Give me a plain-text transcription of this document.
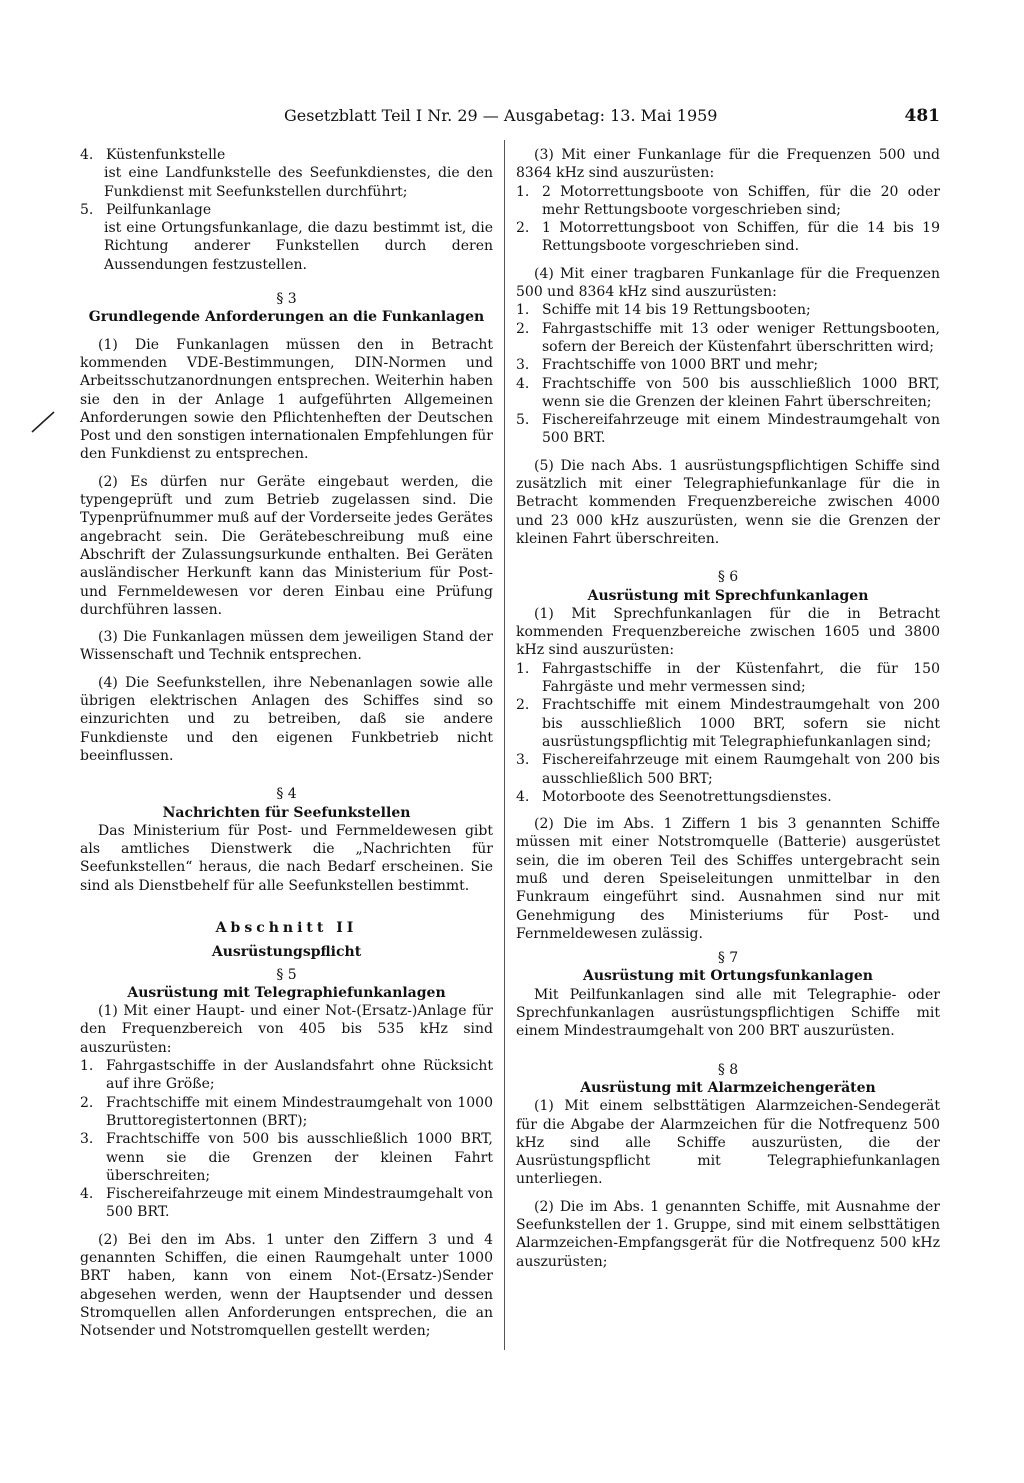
Gesetzblatt Teil I Nr. 29 — Ausgabetag: 13. Mai 1959	481
4. Küstenfunkstelle

ist eine Landfunkstelle des Seefunkdienstes, die den Funkdienst mit Seefunkstellen durchführt;

5. Peilfunkanlage

ist eine Ortungsfunkanlage, die dazu bestimmt ist, die Richtung anderer Funkstellen durch deren Aussendungen festzustellen.

§ 3

Grundlegende Anforderungen an die Funkanlagen

(1) Die Funkanlagen müssen den in Betracht kommenden VDE-Bestimmungen, DIN-Normen und Arbeitsschutzanordnungen entsprechen. Weiterhin haben sie den in der Anlage 1 aufgeführten Allgemeinen Anforderungen sowie den Pflichtenheften der Deutschen Post und den sonstigen internationalen Empfehlungen für den Funkdienst zu entsprechen.

(2) Es dürfen nur Geräte eingebaut werden, die typengeprüft und zum Betrieb zugelassen sind. Die Typenprüfnummer muß auf der Vorderseite jedes Gerätes angebracht sein. Die Gerätebeschreibung muß eine Abschrift der Zulassungsurkunde enthalten. Bei Geräten ausländischer Herkunft kann das Ministerium für Post- und Fernmeldewesen vor deren Einbau eine Prüfung durchführen lassen.

(3) Die Funkanlagen müssen dem jeweiligen Stand der Wissenschaft und Technik entsprechen.

(4) Die Seefunkstellen, ihre Nebenanlagen sowie alle übrigen elektrischen Anlagen des Schiffes sind so einzurichten und zu betreiben, daß sie andere Funkdienste und den eigenen Funkbetrieb nicht beeinflussen.

§ 4

Nachrichten für Seefunkstellen

Das Ministerium für Post- und Fernmeldewesen gibt als amtliches Dienstwerk die „Nachrichten für Seefunkstellen“ heraus, die nach Bedarf erscheinen. Sie sind als Dienstbehelf für alle Seefunkstellen bestimmt.

Abschnitt II

Ausrüstungspflicht

§ 5

Ausrüstung mit Telegraphiefunkanlagen

(1) Mit einer Haupt- und einer Not-(Ersatz-)Anlage für den Frequenzbereich von 405 bis 535 kHz sind auszurüsten:

1. Fahrgastschiffe in der Auslandsfahrt ohne Rücksicht auf ihre Größe;
2. Frachtschiffe mit einem Mindestraumgehalt von 1000 Bruttoregistertonnen (BRT);
3. Frachtschiffe von 500 bis ausschließlich 1000 BRT, wenn sie die Grenzen der kleinen Fahrt überschreiten;
4. Fischereifahrzeuge mit einem Mindestraumgehalt von 500 BRT.

(2) Bei den im Abs. 1 unter den Ziffern 3 und 4 genannten Schiffen, die einen Raumgehalt unter 1000 BRT haben, kann von einem Not-(Ersatz-)Sender abgesehen werden, wenn der Hauptsender und dessen Stromquellen allen Anforderungen entsprechen, die an Notsender und Notstromquellen gestellt werden;

(3) Mit einer Funkanlage für die Frequenzen 500 und 8364 kHz sind auszurüsten:

1. 2 Motorrettungsboote von Schiffen, für die 20 oder mehr Rettungsboote vorgeschrieben sind;
2. 1 Motorrettungsboot von Schiffen, für die 14 bis 19 Rettungsboote vorgeschrieben sind.

(4) Mit einer tragbaren Funkanlage für die Frequenzen 500 und 8364 kHz sind auszurüsten:

1. Schiffe mit 14 bis 19 Rettungsbooten;
2. Fahrgastschiffe mit 13 oder weniger Rettungsbooten, sofern der Bereich der Küstenfahrt überschritten wird;
3. Frachtschiffe von 1000 BRT und mehr;
4. Frachtschiffe von 500 bis ausschließlich 1000 BRT, wenn sie die Grenzen der kleinen Fahrt überschreiten;
5. Fischereifahrzeuge mit einem Mindestraumgehalt von 500 BRT.

(5) Die nach Abs. 1 ausrüstungspflichtigen Schiffe sind zusätzlich mit einer Telegraphiefunkanlage für die in Betracht kommenden Frequenzbereiche zwischen 4000 und 23 000 kHz auszurüsten, wenn sie die Grenzen der kleinen Fahrt überschreiten.

§ 6

Ausrüstung mit Sprechfunkanlagen

(1) Mit Sprechfunkanlagen für die in Betracht kommenden Frequenzbereiche zwischen 1605 und 3800 kHz sind auszurüsten:

1. Fahrgastschiffe in der Küstenfahrt, die für 150 Fahrgäste und mehr vermessen sind;
2. Frachtschiffe mit einem Mindestraumgehalt von 200 bis ausschließlich 1000 BRT, sofern sie nicht ausrüstungspflichtig mit Telegraphiefunkanlagen sind;
3. Fischereifahrzeuge mit einem Raumgehalt von 200 bis ausschließlich 500 BRT;
4. Motorboote des Seenotrettungsdienstes.

(2) Die im Abs. 1 Ziffern 1 bis 3 genannten Schiffe müssen mit einer Notstromquelle (Batterie) ausgerüstet sein, die im oberen Teil des Schiffes untergebracht sein muß und deren Speiseleitungen unmittelbar in den Funkraum eingeführt sind. Ausnahmen sind nur mit Genehmigung des Ministeriums für Post- und Fernmeldewesen zulässig.

§ 7

Ausrüstung mit Ortungsfunkanlagen

Mit Peilfunkanlagen sind alle mit Telegraphie- oder Sprechfunkanlagen ausrüstungspflichtigen Schiffe mit einem Mindestraumgehalt von 200 BRT auszurüsten.

§ 8

Ausrüstung mit Alarmzeichengeräten

(1) Mit einem selbsttätigen Alarmzeichen-Sendegerät für die Abgabe der Alarmzeichen für die Notfrequenz 500 kHz sind alle Schiffe auszurüsten, die der Ausrüstungspflicht mit Telegraphiefunkanlagen unterliegen.

(2) Die im Abs. 1 genannten Schiffe, mit Ausnahme der Seefunkstellen der 1. Gruppe, sind mit einem selbsttätigen Alarmzeichen-Empfangsgerät für die Notfrequenz 500 kHz auszurüsten;
